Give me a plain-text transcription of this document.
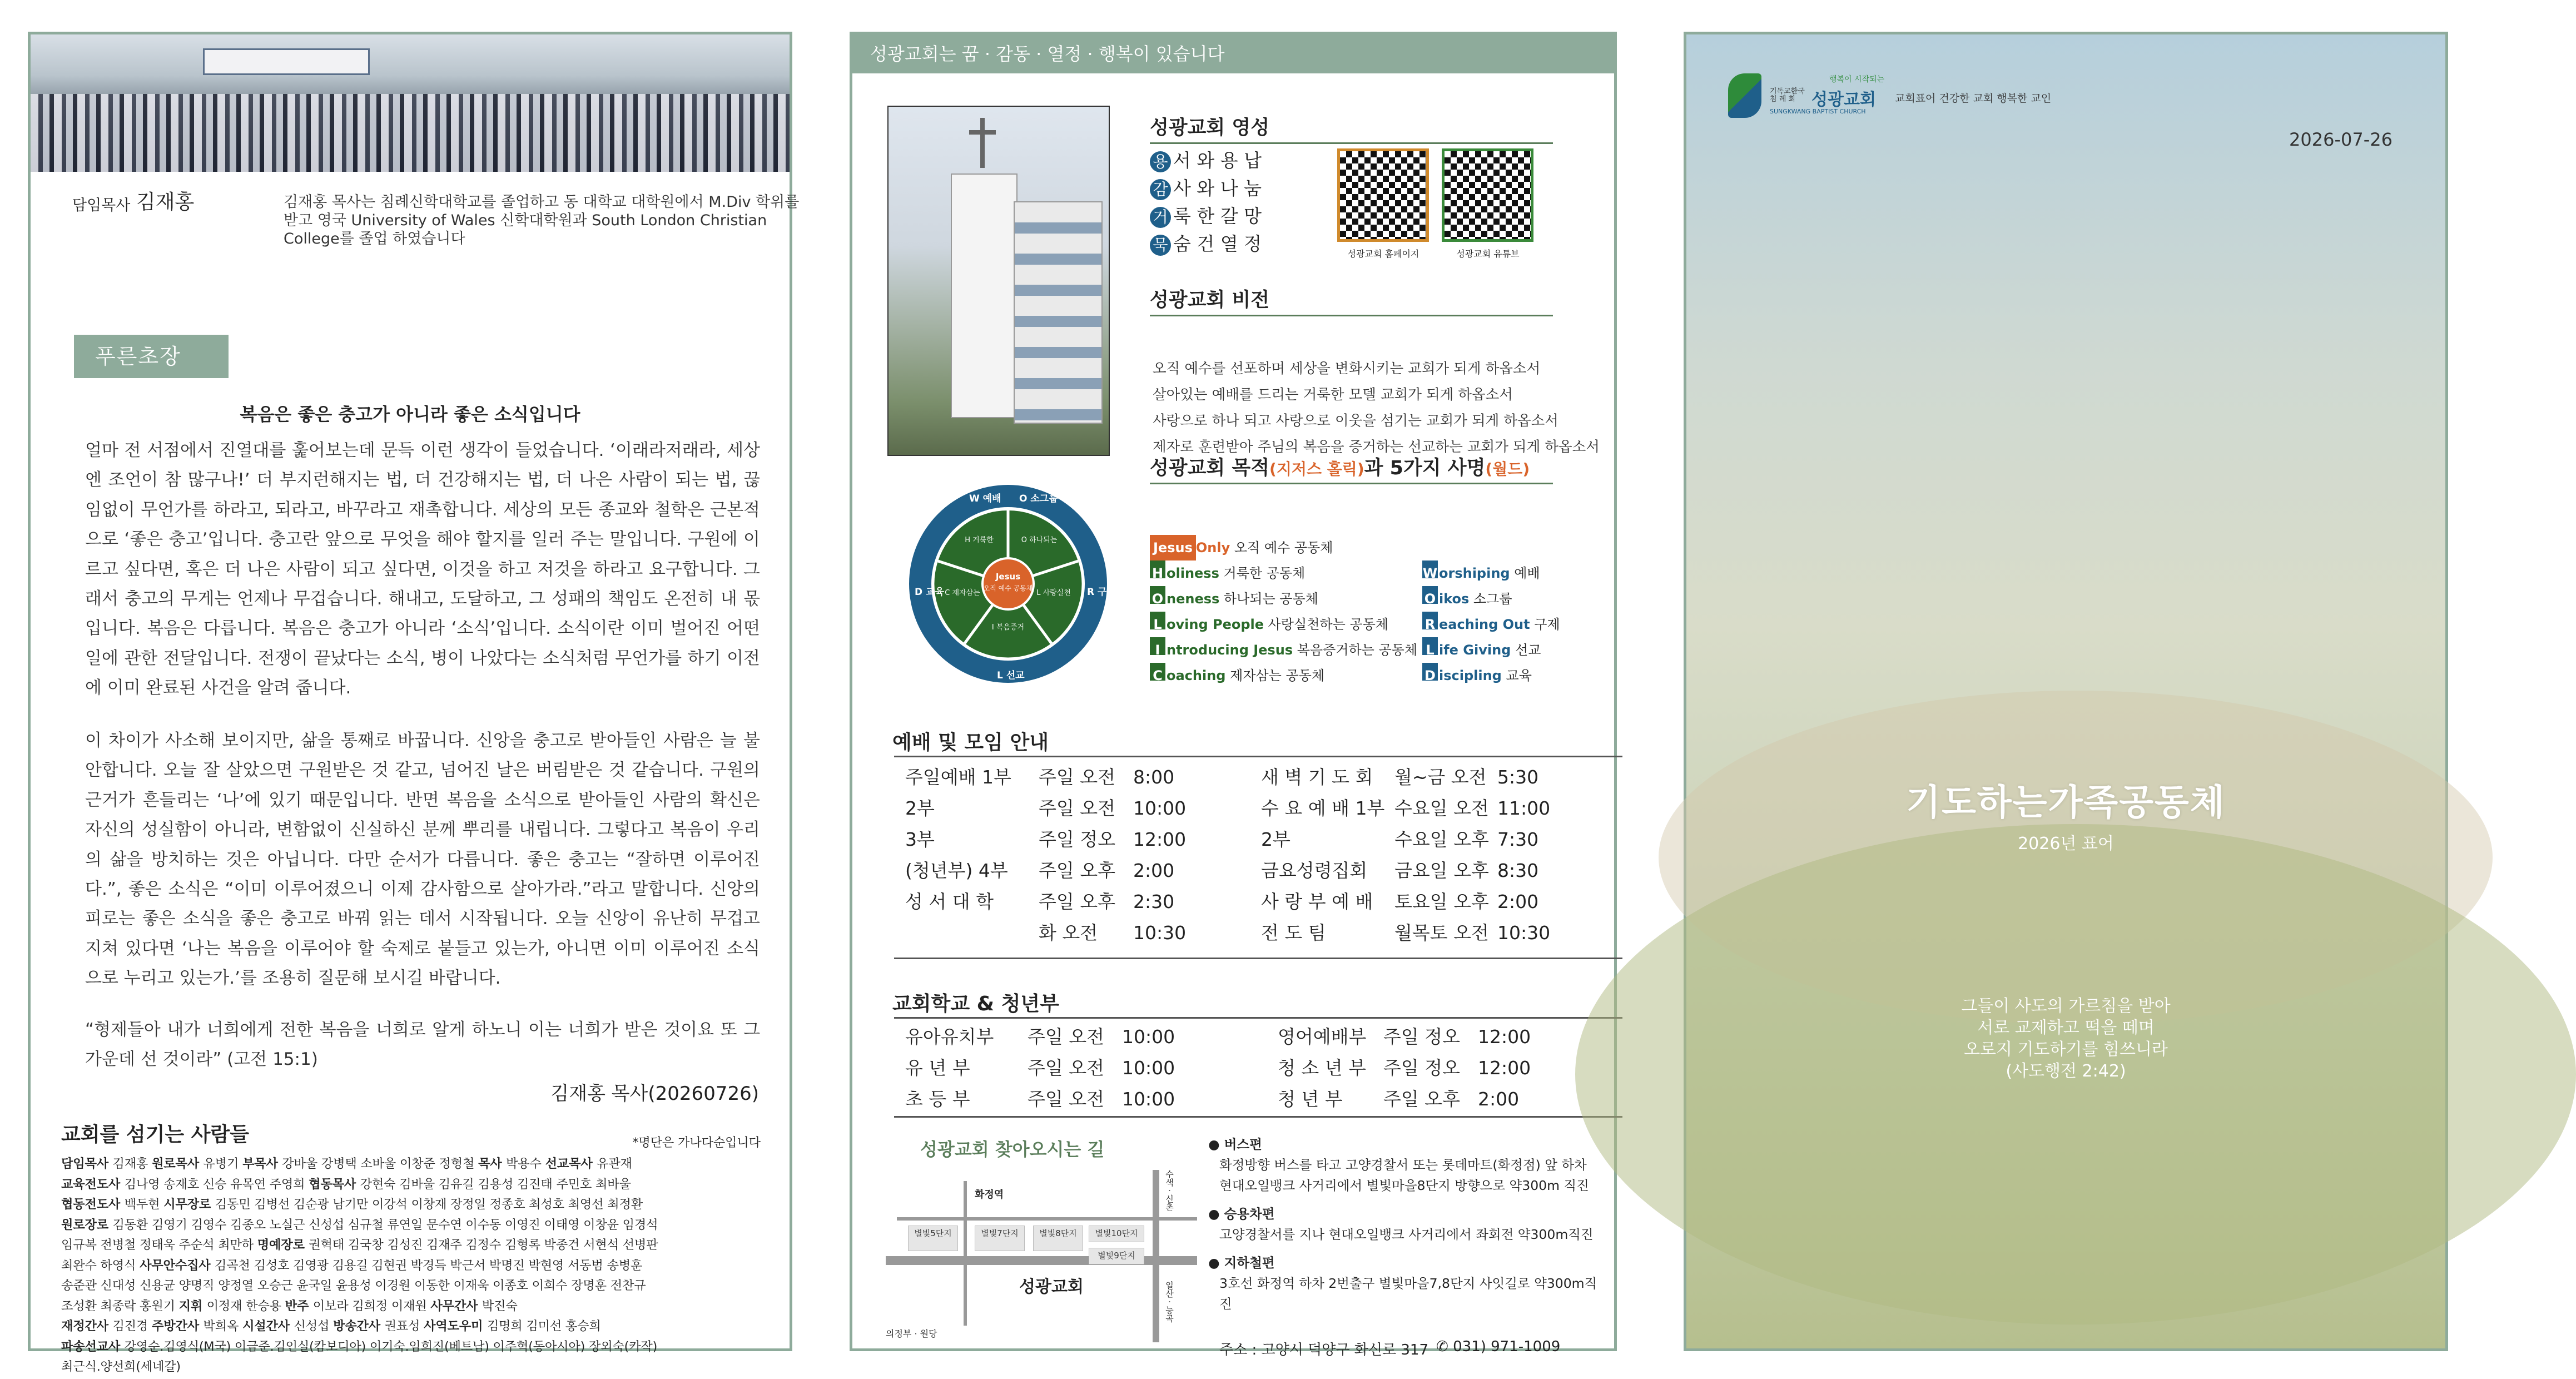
담임목사 김재홍	김재홍 목사는 침례신학대학교를 졸업하고 동 대학교 대학원에서 M.Div 학위를 받고 영국 University of Wales 신학대학원과 South London Christian College를 졸업 하였습니다
푸른초장
복음은 좋은 충고가 아니라 좋은 소식입니다

얼마 전 서점에서 진열대를 훑어보는데 문득 이런 생각이 들었습니다. ‘이래라저래라, 세상엔 조언이 참 많구나!’ 더 부지런해지는 법, 더 건강해지는 법, 더 나은 사람이 되는 법, 끊임없이 무언가를 하라고, 되라고, 바꾸라고 재촉합니다. 세상의 모든 종교와 철학은 근본적으로 ‘좋은 충고’입니다. 충고란 앞으로 무엇을 해야 할지를 일러 주는 말입니다. 구원에 이르고 싶다면, 혹은 더 나은 사람이 되고 싶다면, 이것을 하고 저것을 하라고 요구합니다. 그래서 충고의 무게는 언제나 무겁습니다. 해내고, 도달하고, 그 성패의 책임도 온전히 내 몫입니다. 복음은 다릅니다. 복음은 충고가 아니라 ‘소식’입니다. 소식이란 이미 벌어진 어떤 일에 관한 전달입니다. 전쟁이 끝났다는 소식, 병이 나았다는 소식처럼 무언가를 하기 이전에 이미 완료된 사건을 알려 줍니다.

이 차이가 사소해 보이지만, 삶을 통째로 바꿉니다. 신앙을 충고로 받아들인 사람은 늘 불안합니다. 오늘 잘 살았으면 구원받은 것 같고, 넘어진 날은 버림받은 것 같습니다. 구원의 근거가 흔들리는 ‘나’에 있기 때문입니다. 반면 복음을 소식으로 받아들인 사람의 확신은 자신의 성실함이 아니라, 변함없이 신실하신 분께 뿌리를 내립니다. 그렇다고 복음이 우리의 삶을 방치하는 것은 아닙니다. 다만 순서가 다릅니다. 좋은 충고는 “잘하면 이루어진다.”, 좋은 소식은 “이미 이루어졌으니 이제 감사함으로 살아가라.”라고 말합니다. 신앙의 피로는 좋은 소식을 좋은 충고로 바꿔 읽는 데서 시작됩니다. 오늘 신앙이 유난히 무겁고 지쳐 있다면 ‘나는 복음을 이루어야 할 숙제로 붙들고 있는가, 아니면 이미 이루어진 소식으로 누리고 있는가.’를 조용히 질문해 보시길 바랍니다.

“형제들아 내가 너희에게 전한 복음을 너희로 알게 하노니 이는 너희가 받은 것이요 또 그 가운데 선 것이라” (고전 15:1)

김재홍 목사(20260726)
교회를 섬기는 사람들	*명단은 가나다순입니다
담임목사 김재홍 원로목사 유병기 부목사 강바울 강병택 소바울 이창준 정형철 목사 박용수 선교목사 유관재
교육전도사 김나영 송재호 신승 유목연 주영희 협동목사 강현숙 김바울 김유길 김용성 김진태 주민호 최바울
협동전도사 백두현 시무장로 김동민 김병선 김순광 남기만 이강석 이창재 장정일 정종호 최성호 최영선 최정환
원로장로 김동환 김영기 김영수 김종오 노실근 신성섭 심규철 류연일 문수연 이수동 이영진 이태영 이창윤 임경석
임규복 전병철 정태욱 주순석 최만하 명예장로 권혁태 김국창 김성진 김재주 김정수 김형록 박종건 서현석 선병판
최완수 하영식 사무안수집사 김곡천 김성호 김영광 김용길 김현권 박경득 박근서 박명진 박현영 서동범 송병훈
송준관 신대성 신용균 양명직 양정열 오승근 윤국일 윤용성 이경원 이동한 이재욱 이종호 이희수 장명훈 전찬규
조성환 최종락 홍원기 지휘 이정재 한승용 반주 이보라 김희정 이재원 사무간사 박진숙
재정간사 김진경 주방간사 박희옥 시설간사 신성섭 방송간사 권표성 사역도우미 김명희 김미선 홍승희
파송선교사 강영순.김영식(M국) 이금준.김인실(캄보디아) 이기숙.임희진(베트남) 이주혁(동아시아) 장외숙(카작)
최근식.양선희(세네갈)
성광교회는 꿈 · 감동 · 열정 · 행복이 있습니다
성광교회 영성
용 서 와 용 납
감 사 와 나 눔
거 룩 한 갈 망
묵 숨 건 열 정	성광교회 홈페이지	성광교회 유튜브
성광교회 비전
오직 예수를 선포하며 세상을 변화시키는 교회가 되게 하옵소서
살아있는 예배를 드리는 거룩한 모델 교회가 되게 하옵소서
사랑으로 하나 되고 사랑으로 이웃을 섬기는 교회가 되게 하옵소서
제자로 훈련받아 주님의 복음을 증거하는 선교하는 교회가 되게 하옵소서
성광교회 목적(지저스 홀릭)과 5가지 사명(월드)
Jesus
오직 예수 공동체
H 거룩한	O 하나되는
L 사랑실천
I 복음증거
C 제자삼는
W 예배 O 소그룹
R 구제
L 선교
D 교육
Jesus Only 오직 예수 공동체
H oliness 거룩한 공동체
O neness 하나되는 공동체
L oving People 사랑실천하는 공동체
I ntroducing Jesus 복음증거하는 공동체
C oaching 제자삼는 공동체
W orshiping 예배
O ikos 소그룹
R eaching Out 구제
L ife Giving 선교
D iscipling 교육
예배 및 모임 안내
주일예배 1부	주일 오전 8:00	새 벽 기 도 회 월~금 오전 5:30
2부	주일 오전 10:00	수 요 예 배 1부 수요일 오전 11:00
3부	주일 정오 12:00	2부	수요일 오후 7:30
(청년부) 4부	주일 오후 2:00	금요성령집회	금요일 오후 8:30
성 서 대 학	주일 오후 2:30	사 랑 부 예 배 토요일 오후 2:00
화 오전 10:30	전 도 팀	월목토 오전 10:30
교회학교 & 청년부
유아유치부	주일 오전 10:00	영어예배부 주일 정오 12:00
유 년 부	주일 오전 10:00	청 소 년 부 주일 정오 12:00
초 등 부	주일 오전 10:00	청 년 부	주일 오후 2:00
별빛5단지	별빛7단지	별빛8단지
별빛9단지
별빛10단지
화정역
성광교회
의정부 · 원당
수색 · 신촌
일산 · 능곡
성광교회 찾아오시는 길	● 버스편
화정방향 버스를 타고 고양경찰서 또는 롯데마트(화정점) 앞 하차 현대오일뱅크 사거리에서 별빛마을8단지 방향으로 약300m 직진
● 승용차편
고양경찰서를 지나 현대오일뱅크 사거리에서 좌회전 약300m직진
● 지하철편
3호선 화정역 하차 2번출구 별빛마을7,8단지 사잇길로 약300m직진
주소 : 고양시 덕양구 화신로 317 ✆ 031) 971-1009
기독교한국 침 례 회 성광교회
행복이 시작되는
SUNGKWANG BAPTIST CHURCH
교회표어 건강한 교회 행복한 교인
2026-07-26
기도하는가족공동체
2026년 표어
그들이 사도의 가르침을 받아
서로 교제하고 떡을 떼며
오로지 기도하기를 힘쓰니라
(사도행전 2:42)
